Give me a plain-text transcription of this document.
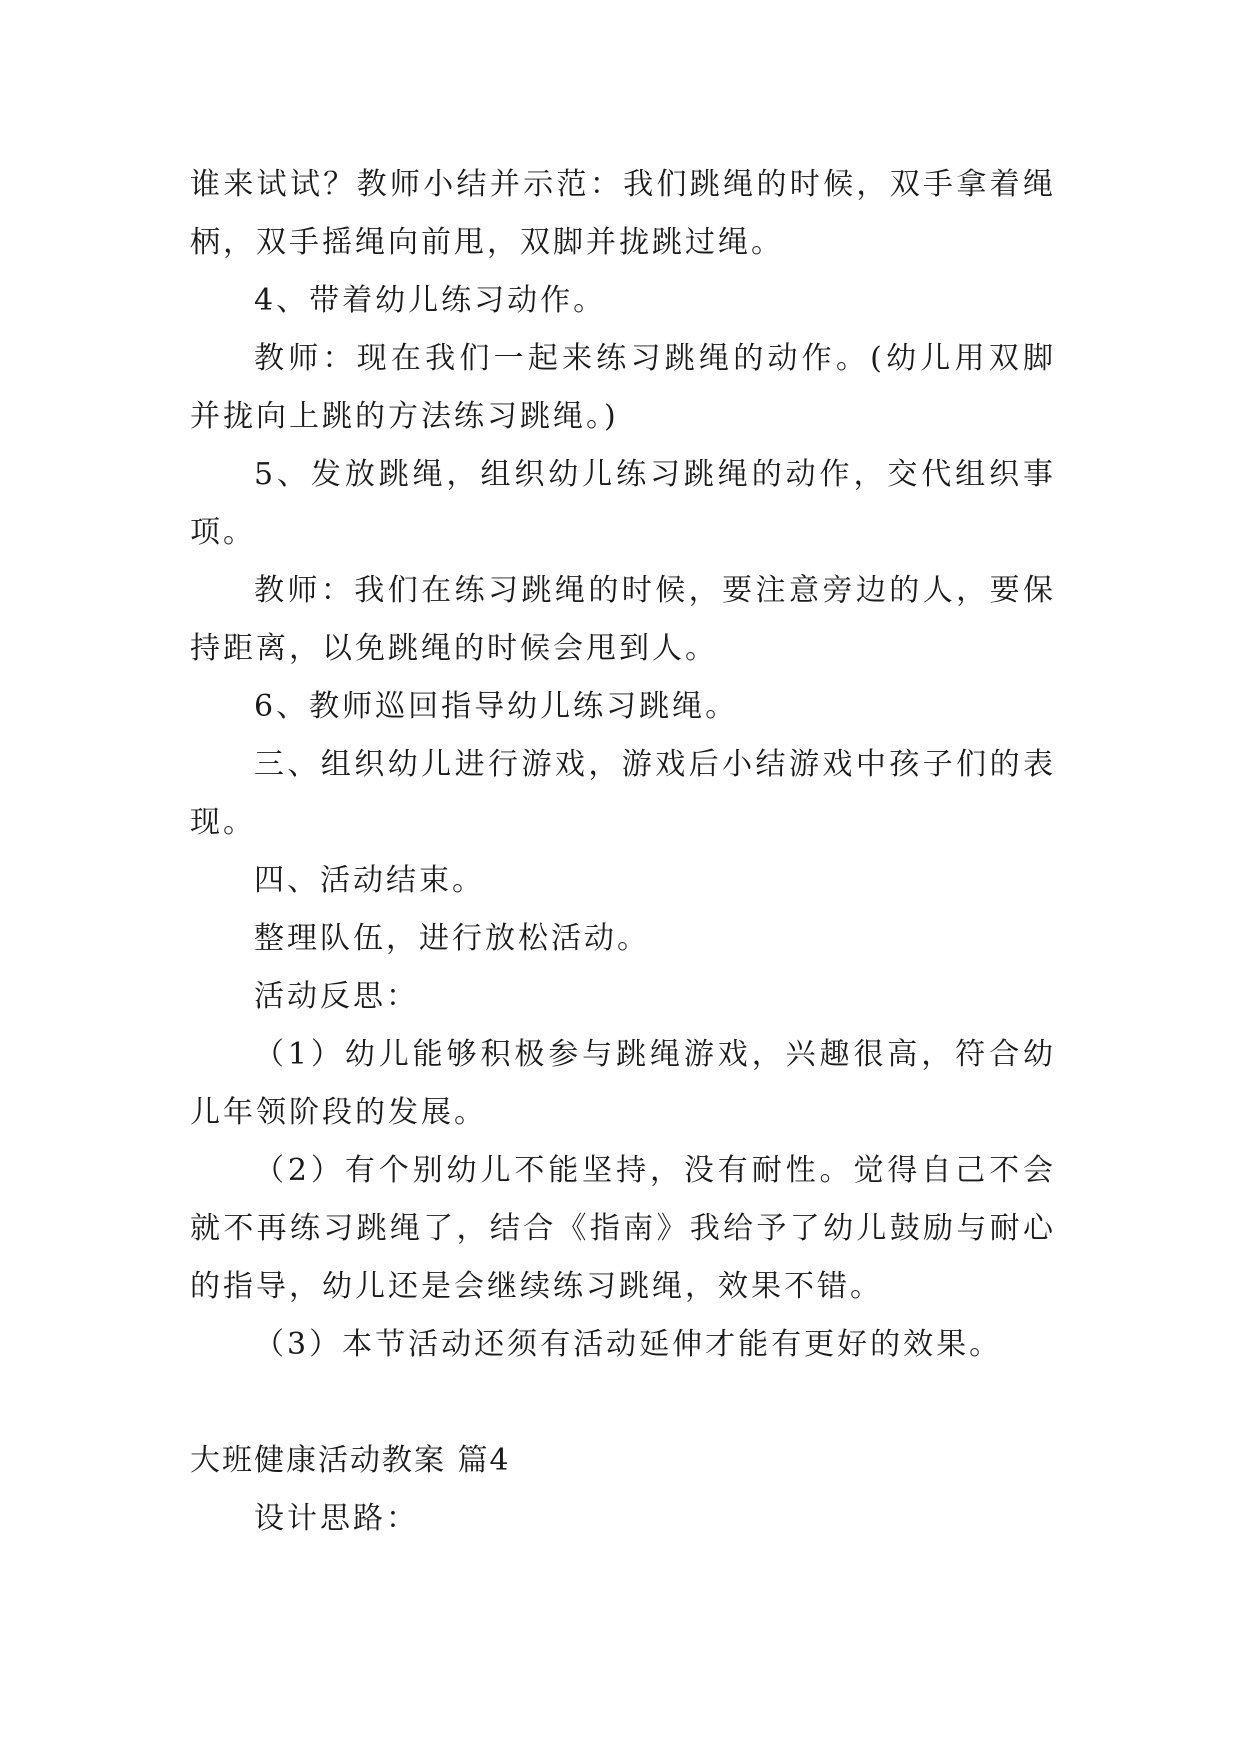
谁来试试？教师小结并示范：我们跳绳的时候，双手拿着绳
柄，双手摇绳向前甩，双脚并拢跳过绳。
4、带着幼儿练习动作。
教师：现在我们一起来练习跳绳的动作。(幼儿用双脚
并拢向上跳的方法练习跳绳。)
5、发放跳绳，组织幼儿练习跳绳的动作，交代组织事
项。
教师：我们在练习跳绳的时候，要注意旁边的人，要保
持距离，以免跳绳的时候会甩到人。
6、教师巡回指导幼儿练习跳绳。
三、组织幼儿进行游戏，游戏后小结游戏中孩子们的表
现。
四、活动结束。
整理队伍，进行放松活动。
活动反思：
（1）幼儿能够积极参与跳绳游戏，兴趣很高，符合幼
儿年领阶段的发展。
（2）有个别幼儿不能坚持，没有耐性。觉得自己不会
就不再练习跳绳了，结合《指南》我给予了幼儿鼓励与耐心
的指导，幼儿还是会继续练习跳绳，效果不错。
（3）本节活动还须有活动延伸才能有更好的效果。
大班健康活动教案 篇4
设计思路：
